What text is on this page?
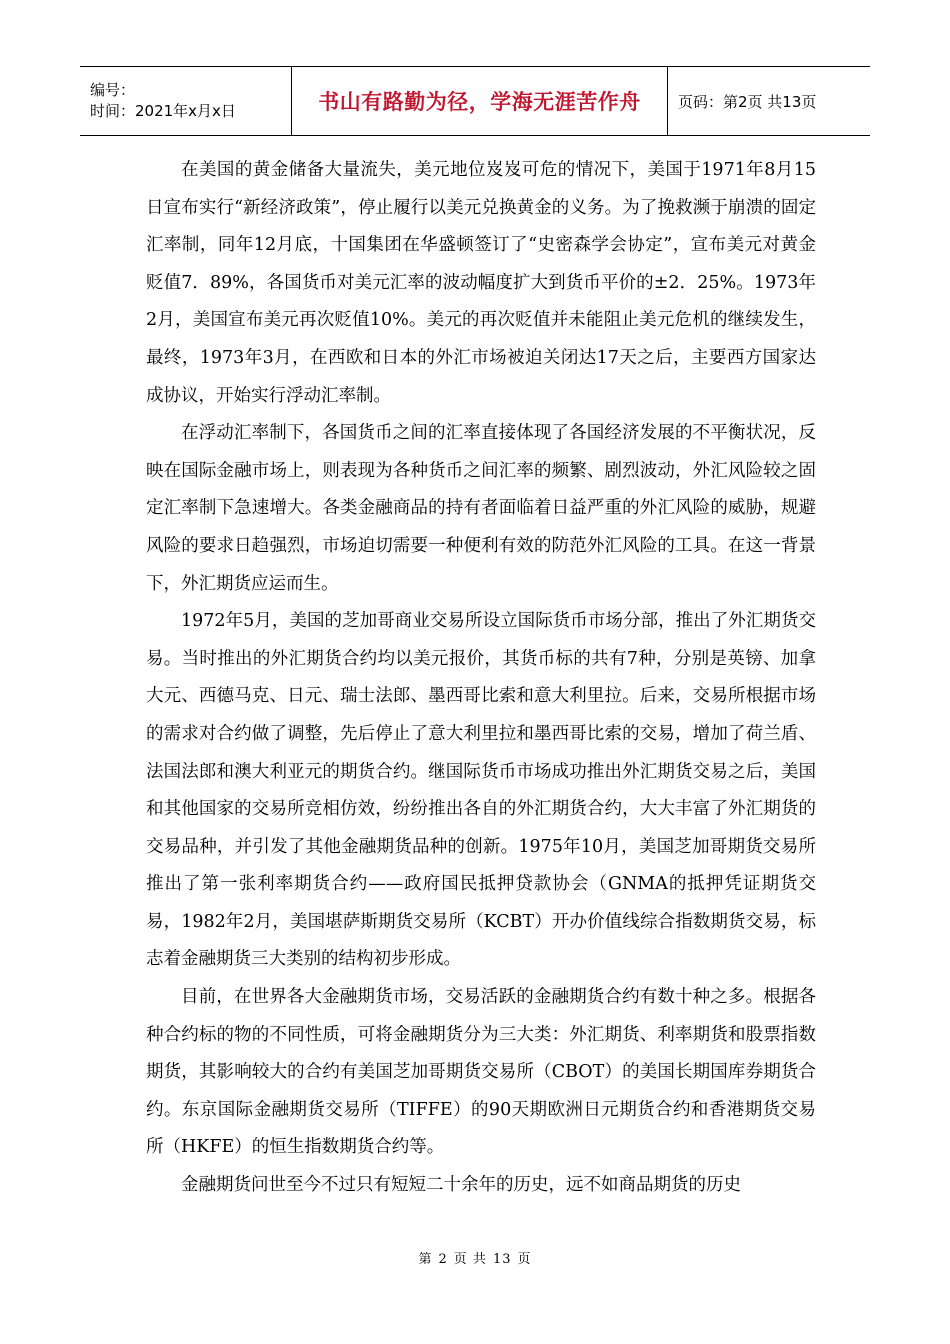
编号：
时间：2021年x月x日	书山有路勤为径，学海无涯苦作舟	页码：第2页 共13页

在美国的黄金储备大量流失，美元地位岌岌可危的情况下，美国于1971年8月15日宣布实行“新经济政策”，停止履行以美元兑换黄金的义务。为了挽救濒于崩溃的固定汇率制，同年12月底，十国集团在华盛顿签订了“史密森学会协定”，宣布美元对黄金贬值7．89%，各国货币对美元汇率的波动幅度扩大到货币平价的±2．25%。1973年 2月，美国宣布美元再次贬值10%。美元的再次贬值并未能阻止美元危机的继续发生，最终，1973年3月，在西欧和日本的外汇市场被迫关闭达17天之后，主要西方国家达成协议，开始实行浮动汇率制。

在浮动汇率制下，各国货币之间的汇率直接体现了各国经济发展的不平衡状况，反映在国际金融市场上，则表现为各种货币之间汇率的频繁、剧烈波动，外汇风险较之固定汇率制下急速增大。各类金融商品的持有者面临着日益严重的外汇风险的威胁，规避风险的要求日趋强烈，市场迫切需要一种便利有效的防范外汇风险的工具。在这一背景下，外汇期货应运而生。

1972年5月，美国的芝加哥商业交易所设立国际货币市场分部，推出了外汇期货交易。当时推出的外汇期货合约均以美元报价，其货币标的共有7种，分别是英镑、加拿大元、西德马克、日元、瑞士法郎、墨西哥比索和意大利里拉。后来，交易所根据市场的需求对合约做了调整，先后停止了意大利里拉和墨西哥比索的交易，增加了荷兰盾、法国法郎和澳大利亚元的期货合约。继国际货币市场成功推出外汇期货交易之后，美国和其他国家的交易所竞相仿效，纷纷推出各自的外汇期货合约，大大丰富了外汇期货的交易品种，并引发了其他金融期货品种的创新。1975年10月，美国芝加哥期货交易所推出了第一张利率期货合约——政府国民抵押贷款协会（GNMA的抵押凭证期货交易，1982年2月，美国堪萨斯期货交易所（KCBT）开办价值线综合指数期货交易，标志着金融期货三大类别的结构初步形成。

目前，在世界各大金融期货市场，交易活跃的金融期货合约有数十种之多。根据各种合约标的物的不同性质，可将金融期货分为三大类：外汇期货、利率期货和股票指数期货，其影响较大的合约有美国芝加哥期货交易所（CBOT）的美国长期国库券期货合约。东京国际金融期货交易所（TIFFE）的90天期欧洲日元期货合约和香港期货交易所（HKFE）的恒生指数期货合约等。

金融期货问世至今不过只有短短二十余年的历史，远不如商品期货的历史

第 2 页 共 13 页
